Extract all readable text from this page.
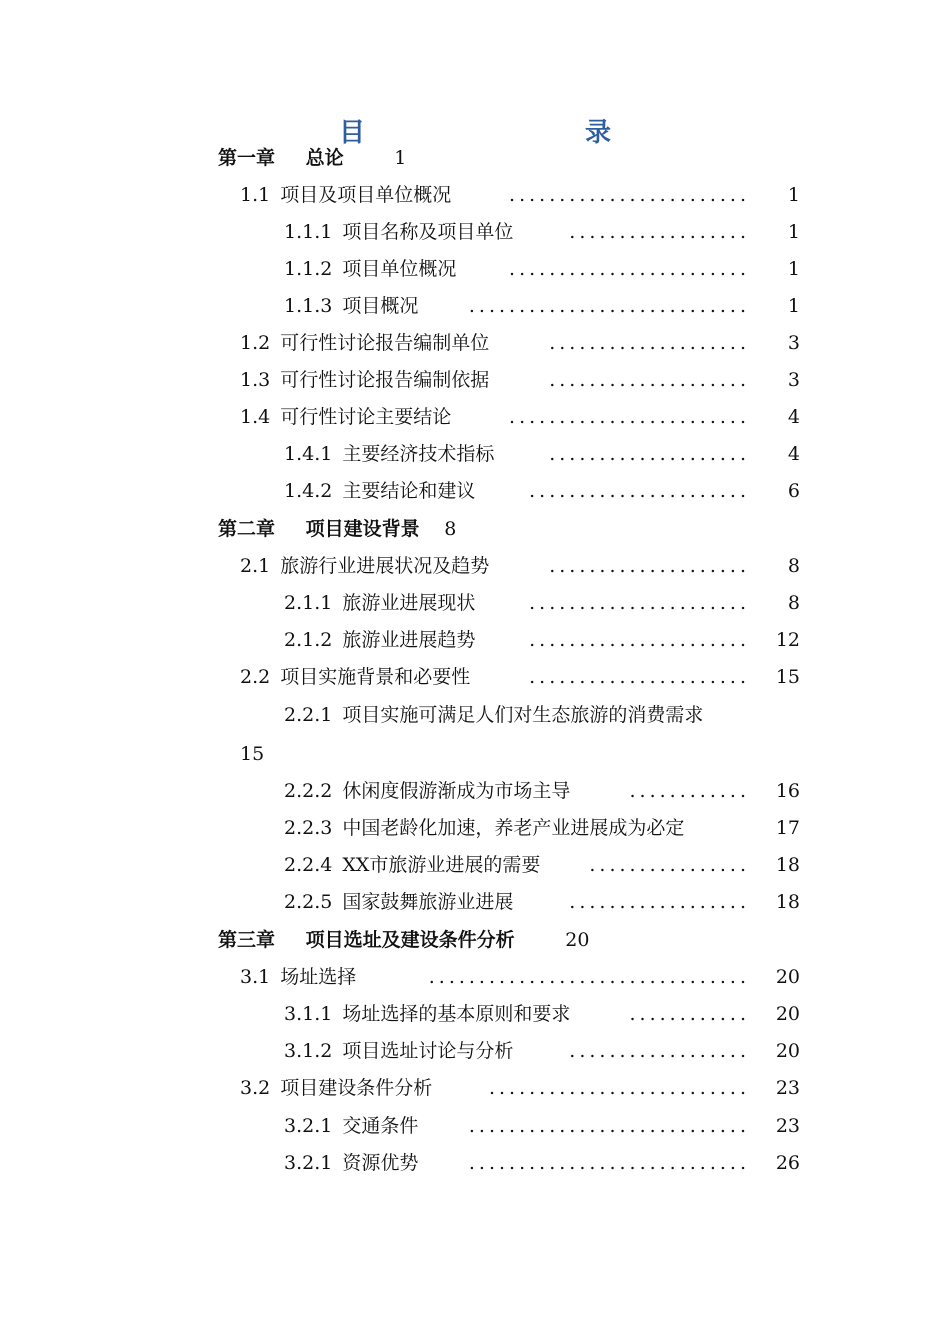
目　　录
第一章 总论	1
1.1 项目及项目单位概况	........................	1
1.1.1 项目名称及项目单位	..................	1
1.1.2 项目单位概况	........................	1
1.1.3 项目概况	............................	1
1.2 可行性讨论报告编制单位	....................	3
1.3 可行性讨论报告编制依据	....................	3
1.4 可行性讨论主要结论	........................	4
1.4.1 主要经济技术指标	....................	4
1.4.2 主要结论和建议	......................	6
第二章 项目建设背景 8
2.1 旅游行业进展状况及趋势	....................	8
2.1.1 旅游业进展现状	......................	8
2.1.2 旅游业进展趋势	......................	12
2.2 项目实施背景和必要性	......................	15
2.2.1 项目实施可满足人们对生态旅游的消费需求
15
2.2.2 休闲度假游渐成为市场主导	............	16
2.2.3 中国老龄化加速，养老产业进展成为必定	17
2.2.4 XX市旅游业进展的需要	................	18
2.2.5 国家鼓舞旅游业进展	..................	18
第三章 项目选址及建设条件分析	20
3.1 场址选择	................................	20
3.1.1 场址选择的基本原则和要求	............	20
3.1.2 项目选址讨论与分析	..................	20
3.2 项目建设条件分析	..........................	23
3.2.1 交通条件	............................	23
3.2.1 资源优势	............................	26
